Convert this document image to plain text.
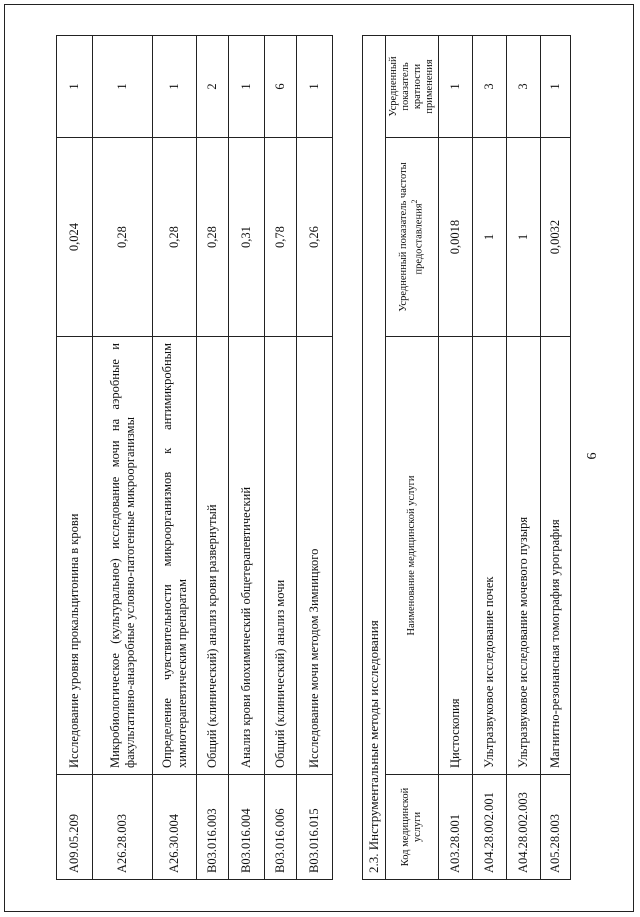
6
A09.05.209	Исследование уровня прокальцитонина в крови	0,024	1
A26.28.003	Микробиологическое (культуральное) исследование мочи на аэробные и факультативно-анаэробные условно-патогенные микроорганизмы	0,28	1
A26.30.004	Определение чувствительности микроорганизмов к антимикробным химиотерапевтическим препаратам	0,28	1
B03.016.003	Общий (клинический) анализ крови развернутый	0,28	2
B03.016.004	Анализ крови биохимический общетерапевтический	0,31	1
B03.016.006	Общий (клинический) анализ мочи	0,78	6
B03.016.015	Исследование мочи методом Зимницкого	0,26	1
2.3. Инструментальные методы исследования			
Код медицинской услуги	Наименование медицинской услуги	Усредненный показатель частоты предоставления$^2$	Усредненный показатель кратности применения
A03.28.001	Цистоскопия	0,0018	1
A04.28.002.001	Ультразвуковое исследование почек	1	3
A04.28.002.003	Ультразвуковое исследование мочевого пузыря	1	3
A05.28.003	Магнитно-резонансная томография урография	0,0032	1
